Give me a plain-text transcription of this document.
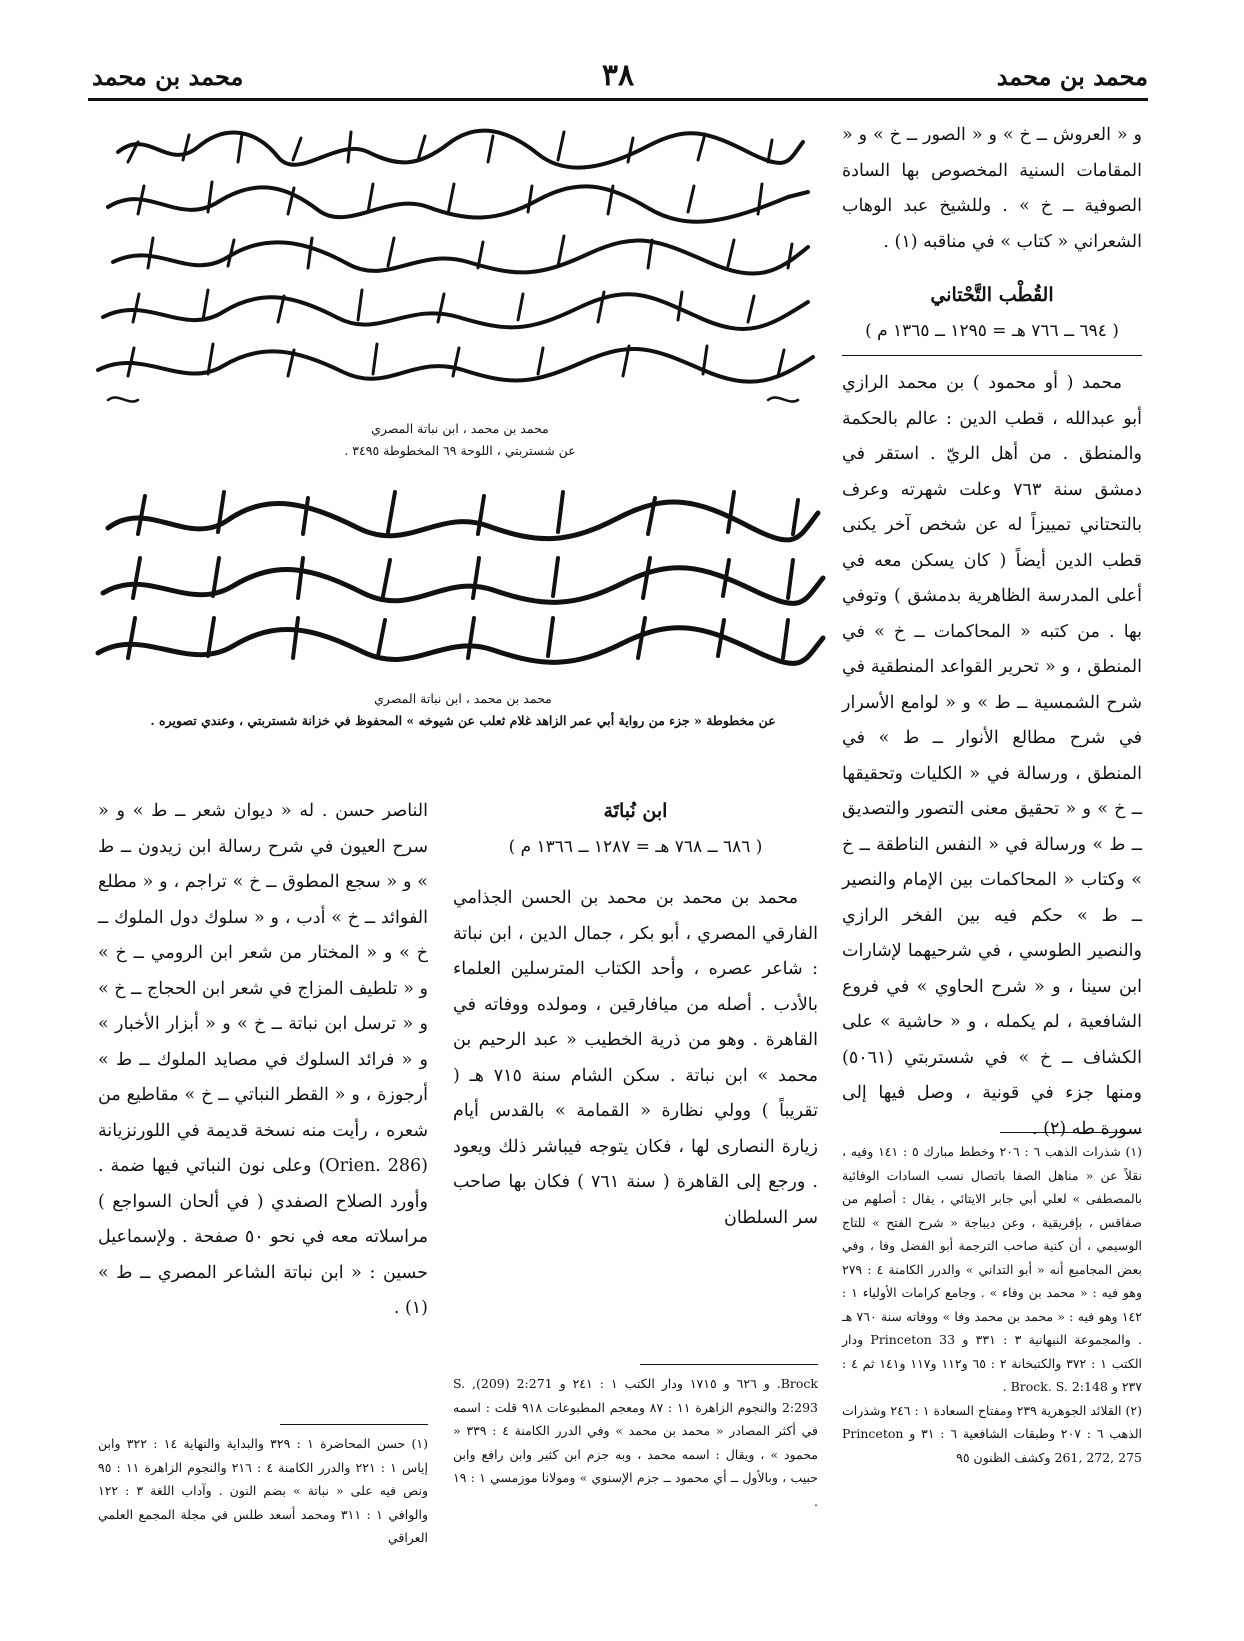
محمد بن محمد
٣٨
محمد بن محمد
محمد بن محمد ، ابن نباتة المصري
عن شستربتي ، اللوحة ٦٩ المخطوطة ٣٤٩٥ .
محمد بن محمد ، ابن نباتة المصري
عن مخطوطة « جزء من رواية أبي عمر الزاهد غلام ثعلب عن شيوخه » المحفوظ في خزانة شستربتي ، وعندي تصويره .

و « العروش ــ خ » و « الصور ــ خ » و « المقامات السنية المخصوص بها السادة الصوفية ــ خ » . وللشيخ عبد الوهاب الشعراني « كتاب » في مناقبه (١) .

القُطْب التَّحْتاني
( ٦٩٤ ــ ٧٦٦ هـ = ١٢٩٥ ــ ١٣٦٥ م )

محمد ( أو محمود ) بن محمد الرازي أبو عبدالله ، قطب الدين : عالم بالحكمة والمنطق . من أهل الريّ . استقر في دمشق سنة ٧٦٣ وعلت شهرته وعرف بالتحتاني تمييزاً له عن شخص آخر يكنى قطب الدين أيضاً ( كان يسكن معه في أعلى المدرسة الظاهرية بدمشق ) وتوفي بها . من كتبه « المحاكمات ــ خ » في المنطق ، و « تحرير القواعد المنطقية في شرح الشمسية ــ ط » و « لوامع الأسرار في شرح مطالع الأنوار ــ ط » في المنطق ، ورسالة في « الكليات وتحقيقها ــ خ » و « تحقيق معنى التصور والتصديق ــ ط » ورسالة في « النفس الناطقة ــ خ » وكتاب « المحاكمات بين الإمام والنصير ــ ط » حكم فيه بين الفخر الرازي والنصير الطوسي ، في شرحيهما لإشارات ابن سينا ، و « شرح الحاوي » في فروع الشافعية ، لم يكمله ، و « حاشية » على الكشاف ــ خ » في شستربتي (٥٠٦١) ومنها جزء في قونية ، وصل فيها إلى سورة طه (٢) .

(١) شذرات الذهب ٦ : ٢٠٦ وخطط مبارك ٥ : ١٤١ وفيه ، نقلاً عن « مناهل الصفا باتصال نسب السادات الوفائية بالمصطفى » لعلي أبي جابر الايتائي ، يقال : أصلهم من صفاقس ، بإفريقية ، وعن ديباجة « شرح الفتح » للتاج الوسيمي ، أن كنية صاحب الترجمة أبو الفضل وفا ، وفي بعض المجاميع أنه « أبو التداني » والدرر الكامنة ٤ : ٢٧٩ وهو فيه : « محمد بن وفاء » . وجامع كرامات الأولياء ١ : ١٤٢ وهو فيه : « محمد بن محمد وفا » ووفاته سنة ٧٦٠ هـ . والمجموعة النبهانية ٣ : ٣٣١ و Princeton 33 ودار الكتب ١ : ٣٧٢ والكتبخانة ٢ : ٦٥ و١١٢ و١١٧ و١٤١ ثم ٤ : ٢٣٧ و Brock. S. 2:148 .

(٢) القلائد الجوهرية ٢٣٩ ومفتاح السعادة ١ : ٢٤٦ وشذرات الذهب ٦ : ٢٠٧ وطبقات الشافعية ٦ : ٣١ و Princeton 261, 272, 275 وكشف الظنون ٩٥

ابن نُباتَة
( ٦٨٦ ــ ٧٦٨ هـ = ١٢٨٧ ــ ١٣٦٦ م )

محمد بن محمد بن محمد بن الحسن الجذامي الفارقي المصري ، أبو بكر ، جمال الدين ، ابن نباتة : شاعر عصره ، وأحد الكتاب المترسلين العلماء بالأدب . أصله من ميافارقين ، ومولده ووفاته في القاهرة . وهو من ذرية الخطيب « عبد الرحيم بن محمد » ابن نباتة . سكن الشام سنة ٧١٥ هـ ( تقريباً ) وولي نظارة « القمامة » بالقدس أيام زيارة النصارى لها ، فكان يتوجه فيباشر ذلك ويعود . ورجع إلى القاهرة ( سنة ٧٦١ ) فكان بها صاحب سر السلطان

Brock. و ٦٢٦ و ١٧١٥ ودار الكتب ١ : ٢٤١ و 2:271 (209), S. 2:293 والنجوم الزاهرة ١١ : ٨٧ ومعجم المطبوعات ٩١٨ قلت : اسمه في أكثر المصادر « محمد بن محمد » وفي الدرر الكامنة ٤ : ٣٣٩ « محمود » ، ويقال : اسمه محمد ، وبه جزم ابن كثير وابن رافع وابن حبيب ، وبالأول ــ أي محمود ــ جزم الإسنوي » ومولانا موزمسي ١ : ١٩ .

الناصر حسن . له « ديوان شعر ــ ط » و « سرح العيون في شرح رسالة ابن زيدون ــ ط » و « سجع المطوق ــ خ » تراجم ، و « مطلع الفوائد ــ خ » أدب ، و « سلوك دول الملوك ــ خ » و « المختار من شعر ابن الرومي ــ خ » و « تلطيف المزاج في شعر ابن الحجاج ــ خ » و « ترسل ابن نباتة ــ خ » و « أبزار الأخبار » و « فرائد السلوك في مصايد الملوك ــ ط » أرجوزة ، و « القطر النباتي ــ خ » مقاطيع من شعره ، رأيت منه نسخة قديمة في اللورنزيانة (Orien. 286) وعلى نون النباتي فيها ضمة . وأورد الصلاح الصفدي ( في ألحان السواجع ) مراسلاته معه في نحو ٥٠ صفحة . ولإسماعيل حسين : « ابن نباتة الشاعر المصري ــ ط » (١) .

(١) حسن المحاضرة ١ : ٣٢٩ والبداية والنهاية ١٤ : ٣٢٢ وابن إياس ١ : ٢٢١ والدرر الكامنة ٤ : ٢١٦ والنجوم الزاهرة ١١ : ٩٥ ونص فيه على « نباتة » بضم النون . وآداب اللغة ٣ : ١٢٢ والوافي ١ : ٣١١ ومحمد أسعد طلس في مجلة المجمع العلمي العراقي
